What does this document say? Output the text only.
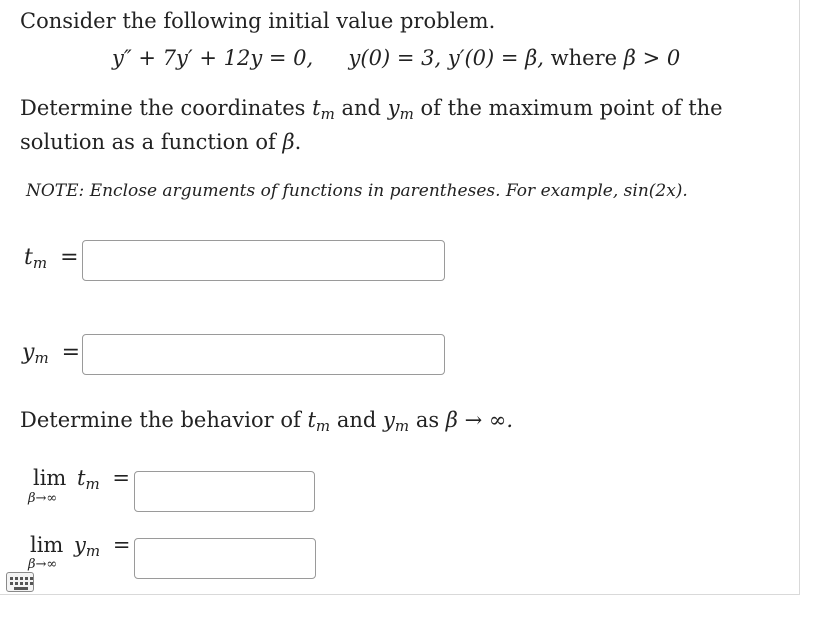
Consider the following initial value problem.
y″ + 7y′ + 12y = 0, y(0) = 3, y′(0) = β, where β > 0
Determine the coordinates $t_m$ and $y_m$ of the maximum point of the
solution as a function of β.
NOTE: Enclose arguments of functions in parentheses. For example, sin(2x).
$t_m$ =
$y_m$ =
Determine the behavior of $t_m$ and $y_m$ as β → ∞.
$\lim t_m$ =
β→∞
$\lim y_m$ =
β→∞
